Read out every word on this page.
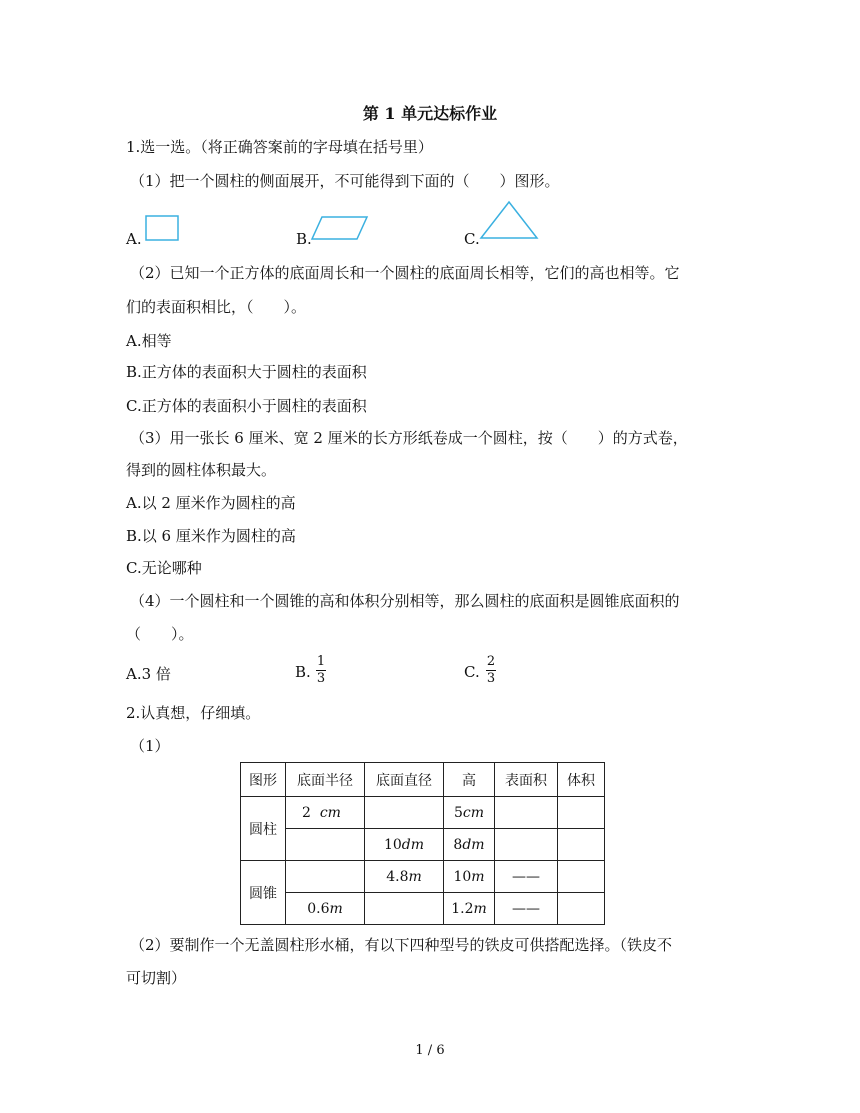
第 1 单元达标作业
1.选一选。（将正确答案前的字母填在括号里）
（1）把一个圆柱的侧面展开，不可能得到下面的（　　）图形。
A.	B.	C.
（2）已知一个正方体的底面周长和一个圆柱的底面周长相等，它们的高也相等。它
们的表面积相比，（　　）。
A.相等
B.正方体的表面积大于圆柱的表面积
C.正方体的表面积小于圆柱的表面积
（3）用一张长 6 厘米、宽 2 厘米的长方形纸卷成一个圆柱，按（　　）的方式卷，
得到的圆柱体积最大。
A.以 2 厘米作为圆柱的高
B.以 6 厘米作为圆柱的高
C.无论哪种
（4）一个圆柱和一个圆锥的高和体积分别相等，那么圆柱的底面积是圆锥底面积的
（　　）。
A.3 倍	B.
1
3	C.
2
3
2.认真想，仔细填。
（1）
图形	底面半径	底面直径	高	表面积	体积
圆柱	2 cm		5cm		
		10dm	8dm		
圆锥		4.8m	10m	——	
	0.6m		1.2m	——	
（2）要制作一个无盖圆柱形水桶，有以下四种型号的铁皮可供搭配选择。（铁皮不
可切割）
1 / 6
